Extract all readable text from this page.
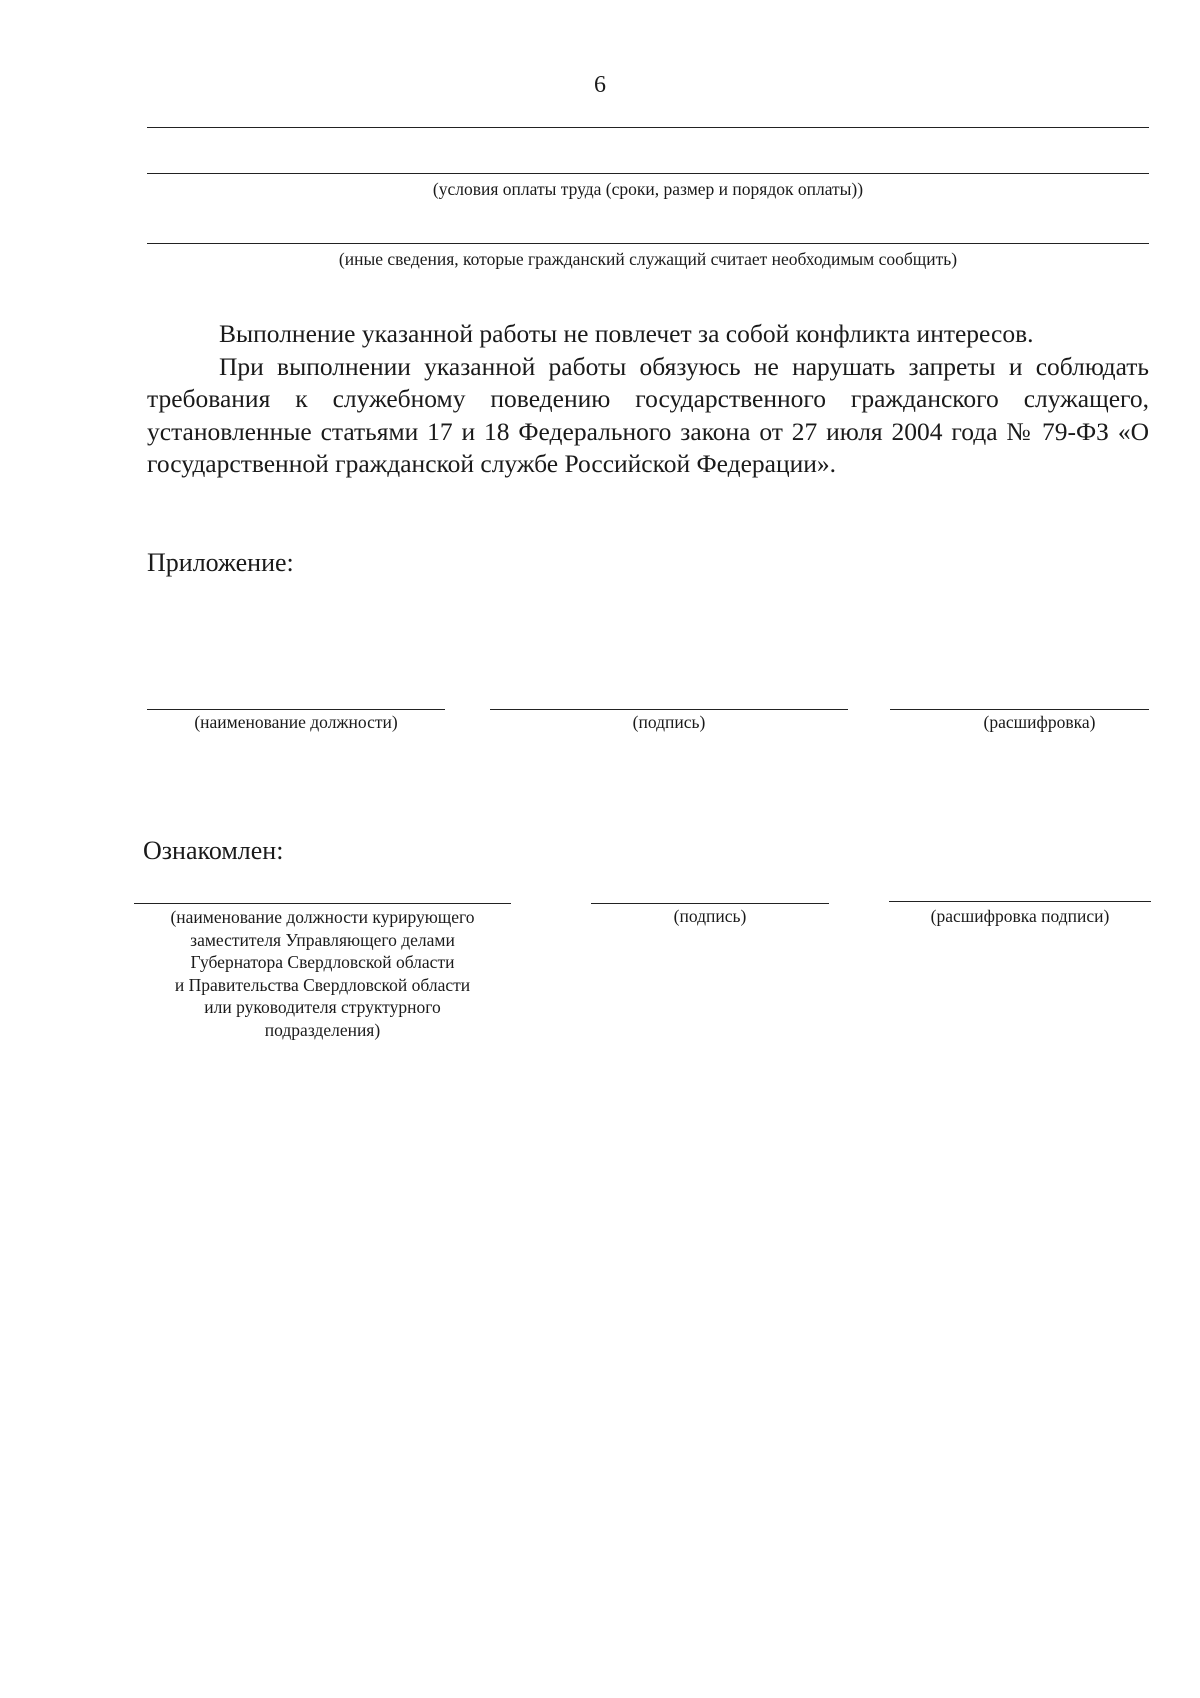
6
(условия оплаты труда (сроки, размер и порядок оплаты))
(иные сведения, которые гражданский служащий считает необходимым сообщить)

Выполнение указанной работы не повлечет за собой конфликта интересов.

При выполнении указанной работы обязуюсь не нарушать запреты и соблюдать требования к служебному поведению государственного гражданского служащего, установленные статьями 17 и 18 Федерального закона от 27 июля 2004 года № 79-ФЗ «О государственной гражданской службе Российской Федерации».

Приложение:
(наименование должности)	(подпись)	(расшифровка)
Ознакомлен:
(наименование должности курирующего
заместителя Управляющего делами
Губернатора Свердловской области
и Правительства Свердловской области
или руководителя структурного
подразделения)
(подпись)	(расшифровка подписи)
